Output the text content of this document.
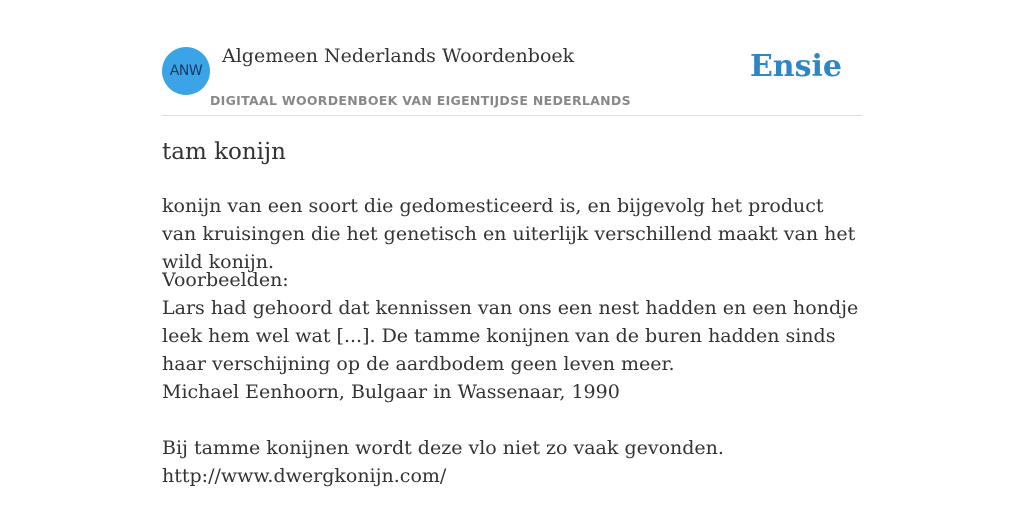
ANW
Algemeen Nederlands Woordenboek
DIGITAAL WOORDENBOEK VAN EIGENTIJDSE NEDERLANDS
Ensie
tam konijn
konijn van een soort die gedomesticeerd is, en bijgevolg het product van kruisingen die het genetisch en uiterlijk verschillend maakt van het wild konijn.
Voorbeelden:
Lars had gehoord dat kennissen van ons een nest hadden en een hondje leek hem wel wat [...]. De tamme konijnen van de buren hadden sinds haar verschijning op de aardbodem geen leven meer.
Michael Eenhoorn, Bulgaar in Wassenaar, 1990
Bij tamme konijnen wordt deze vlo niet zo vaak gevonden.
http://www.dwergkonijn.com/
